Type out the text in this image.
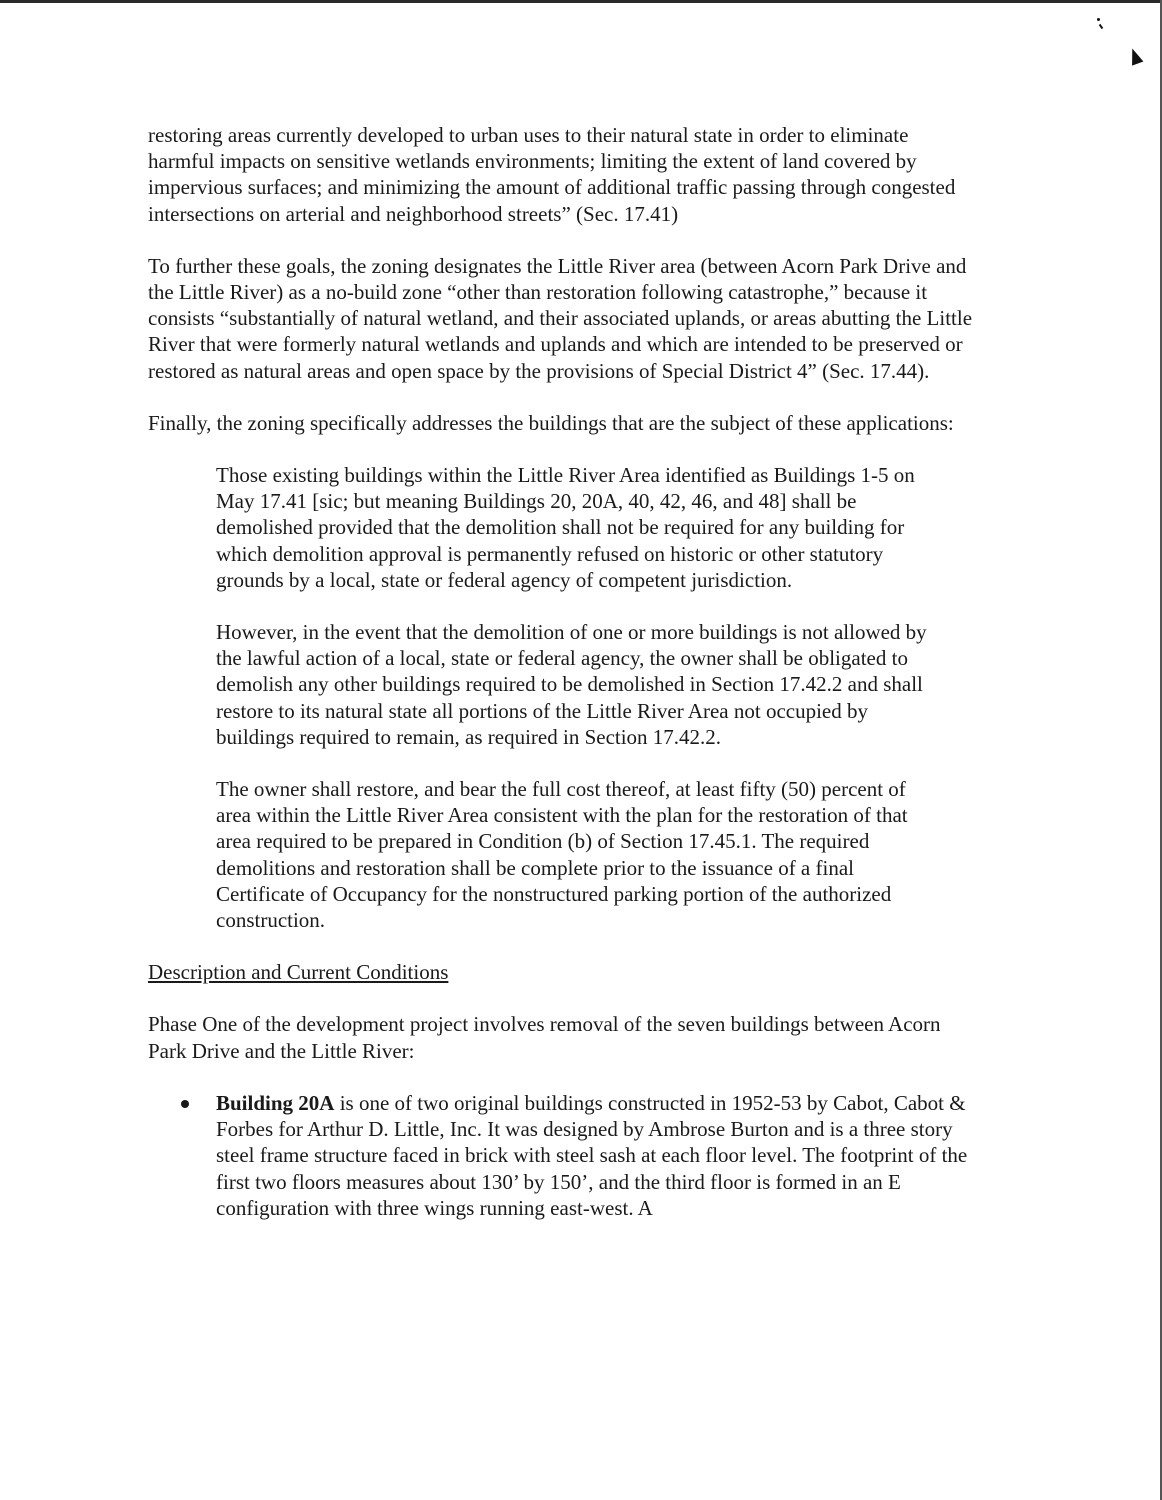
restoring areas currently developed to urban uses to their natural state in order to eliminate harmful impacts on sensitive wetlands environments; limiting the extent of land covered by impervious surfaces; and minimizing the amount of additional traffic passing through congested intersections on arterial and neighborhood streets” (Sec. 17.41)

To further these goals, the zoning designates the Little River area (between Acorn Park Drive and the Little River) as a no-build zone “other than restoration following catastrophe,” because it consists “substantially of natural wetland, and their associated uplands, or areas abutting the Little River that were formerly natural wetlands and uplands and which are intended to be preserved or restored as natural areas and open space by the provisions of Special District 4” (Sec. 17.44).

Finally, the zoning specifically addresses the buildings that are the subject of these applications:

Those existing buildings within the Little River Area identified as Buildings 1-5 on May 17.41 [sic; but meaning Buildings 20, 20A, 40, 42, 46, and 48] shall be demolished provided that the demolition shall not be required for any building for which demolition approval is permanently refused on historic or other statutory grounds by a local, state or federal agency of competent jurisdiction.

However, in the event that the demolition of one or more buildings is not allowed by the lawful action of a local, state or federal agency, the owner shall be obligated to demolish any other buildings required to be demolished in Section 17.42.2 and shall restore to its natural state all portions of the Little River Area not occupied by buildings required to remain, as required in Section 17.42.2.

The owner shall restore, and bear the full cost thereof, at least fifty (50) percent of area within the Little River Area consistent with the plan for the restoration of that area required to be prepared in Condition (b) of Section 17.45.1. The required demolitions and restoration shall be complete prior to the issuance of a final Certificate of Occupancy for the nonstructured parking portion of the authorized construction.

Description and Current Conditions

Phase One of the development project involves removal of the seven buildings between Acorn Park Drive and the Little River:

Building 20A is one of two original buildings constructed in 1952-53 by Cabot, Cabot & Forbes for Arthur D. Little, Inc. It was designed by Ambrose Burton and is a three story steel frame structure faced in brick with steel sash at each floor level. The footprint of the first two floors measures about 130’ by 150’, and the third floor is formed in an E configuration with three wings running east-west. A
